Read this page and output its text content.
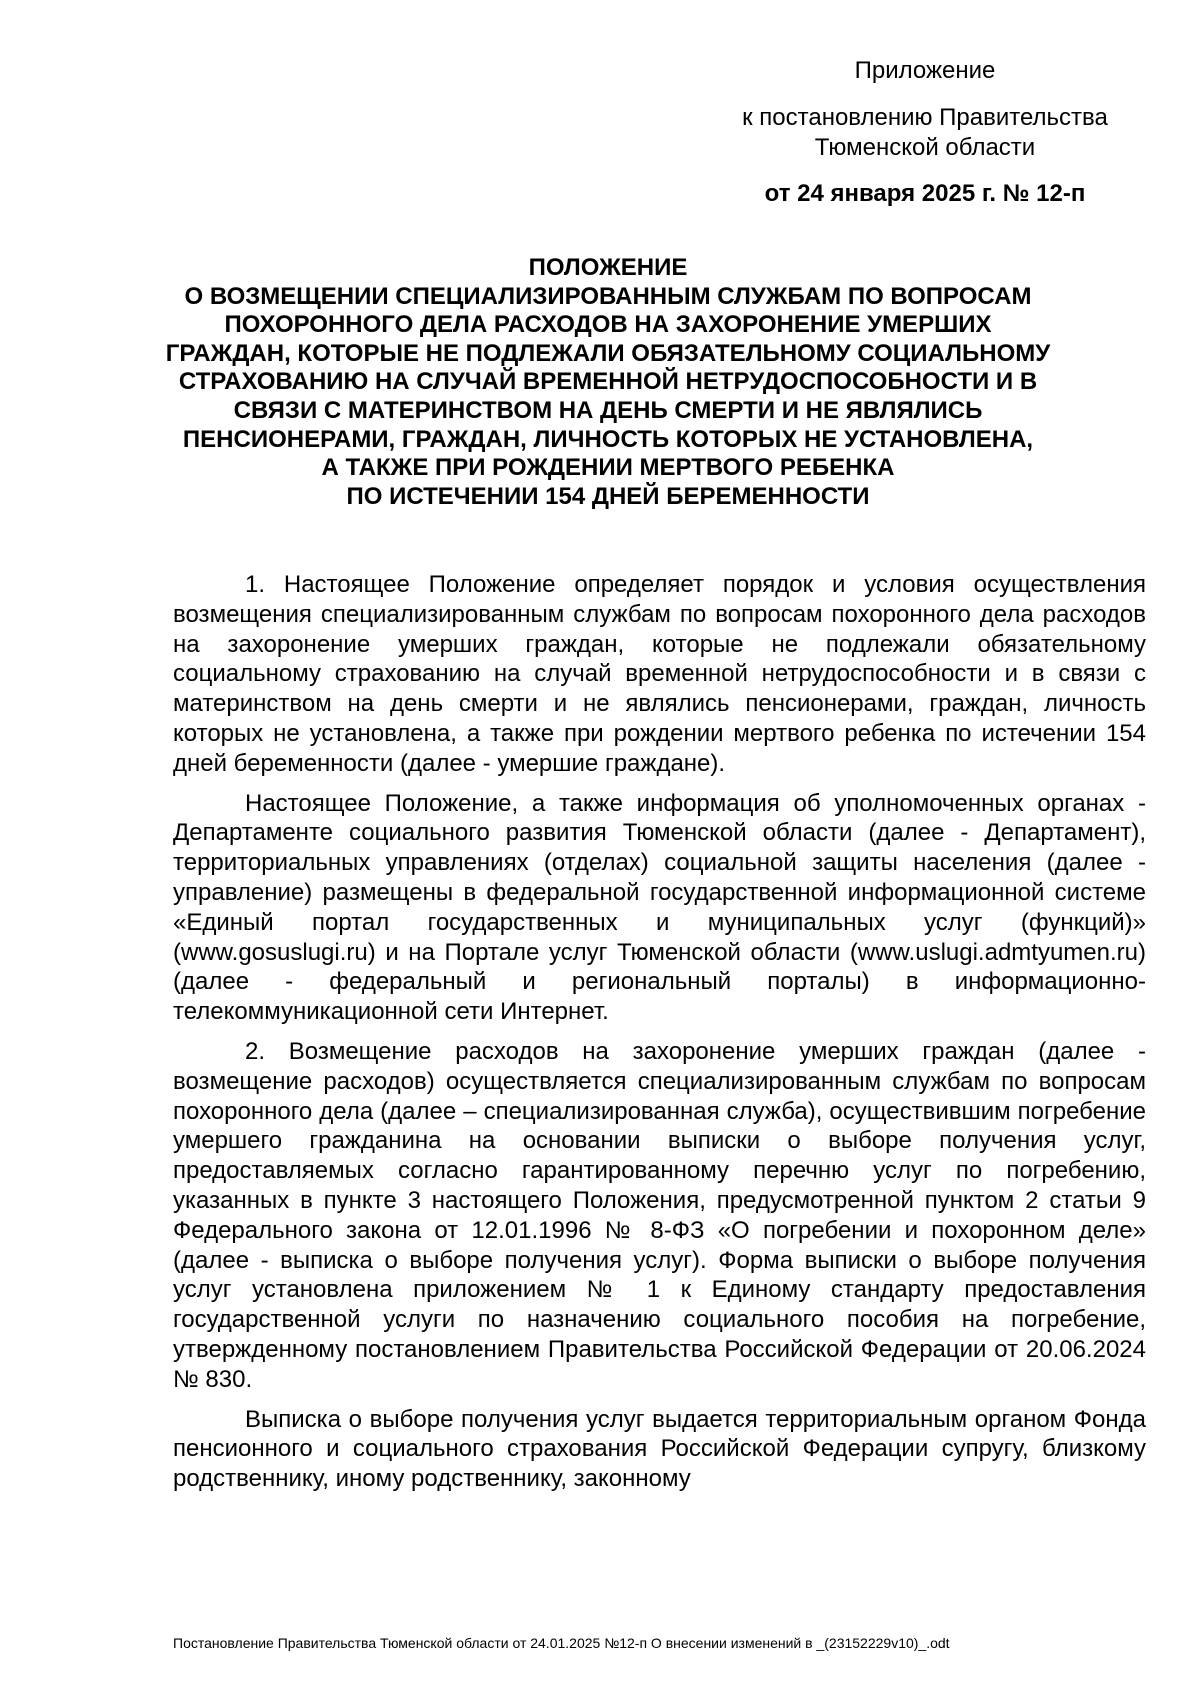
Приложение
к постановлению Правительства
Тюменской области
от 24 января 2025 г. № 12-п
ПОЛОЖЕНИЕ
О ВОЗМЕЩЕНИИ СПЕЦИАЛИЗИРОВАННЫМ СЛУЖБАМ ПО ВОПРОСАМ
ПОХОРОННОГО ДЕЛА РАСХОДОВ НА ЗАХОРОНЕНИЕ УМЕРШИХ
ГРАЖДАН, КОТОРЫЕ НЕ ПОДЛЕЖАЛИ ОБЯЗАТЕЛЬНОМУ СОЦИАЛЬНОМУ
СТРАХОВАНИЮ НА СЛУЧАЙ ВРЕМЕННОЙ НЕТРУДОСПОСОБНОСТИ И В
СВЯЗИ С МАТЕРИНСТВОМ НА ДЕНЬ СМЕРТИ И НЕ ЯВЛЯЛИСЬ
ПЕНСИОНЕРАМИ, ГРАЖДАН, ЛИЧНОСТЬ КОТОРЫХ НЕ УСТАНОВЛЕНА,
А ТАКЖЕ ПРИ РОЖДЕНИИ МЕРТВОГО РЕБЕНКА
ПО ИСТЕЧЕНИИ 154 ДНЕЙ БЕРЕМЕННОСТИ

1. Настоящее Положение определяет порядок и условия осуществления возмещения специализированным службам по вопросам похоронного дела расходов на захоронение умерших граждан, которые не подлежали обязательному социальному страхованию на случай временной нетрудоспособности и в связи с материнством на день смерти и не являлись пенсионерами, граждан, личность которых не установлена, а также при рождении мертвого ребенка по истечении 154 дней беременности (далее - умершие граждане).

Настоящее Положение, а также информация об уполномоченных органах - Департаменте социального развития Тюменской области (далее - Департамент), территориальных управлениях (отделах) социальной защиты населения (далее - управление) размещены в федеральной государственной информационной системе «Единый портал государственных и муниципальных услуг (функций)» (www.gosuslugi.ru) и на Портале услуг Тюменской области (www.uslugi.admtyumen.ru) (далее - федеральный и региональный порталы) в информационно-телекоммуникационной сети Интернет.

2. Возмещение расходов на захоронение умерших граждан (далее - возмещение расходов) осуществляется специализированным службам по вопросам похоронного дела (далее – специализированная служба), осуществившим погребение умершего гражданина на основании выписки о выборе получения услуг, предоставляемых согласно гарантированному перечню услуг по погребению, указанных в пункте 3 настоящего Положения, предусмотренной пунктом 2 статьи 9 Федерального закона от 12.01.1996 № 8-ФЗ «О погребении и похоронном деле» (далее - выписка о выборе получения услуг). Форма выписки о выборе получения услуг установлена приложением № 1 к Единому стандарту предоставления государственной услуги по назначению социального пособия на погребение, утвержденному постановлением Правительства Российской Федерации от 20.06.2024 № 830.

Выписка о выборе получения услуг выдается территориальным органом Фонда пенсионного и социального страхования Российской Федерации супругу, близкому родственнику, иному родственнику, законному

Постановление Правительства Тюменской области от 24.01.2025 №12-п О внесении изменений в _(23152229v10)_.odt
